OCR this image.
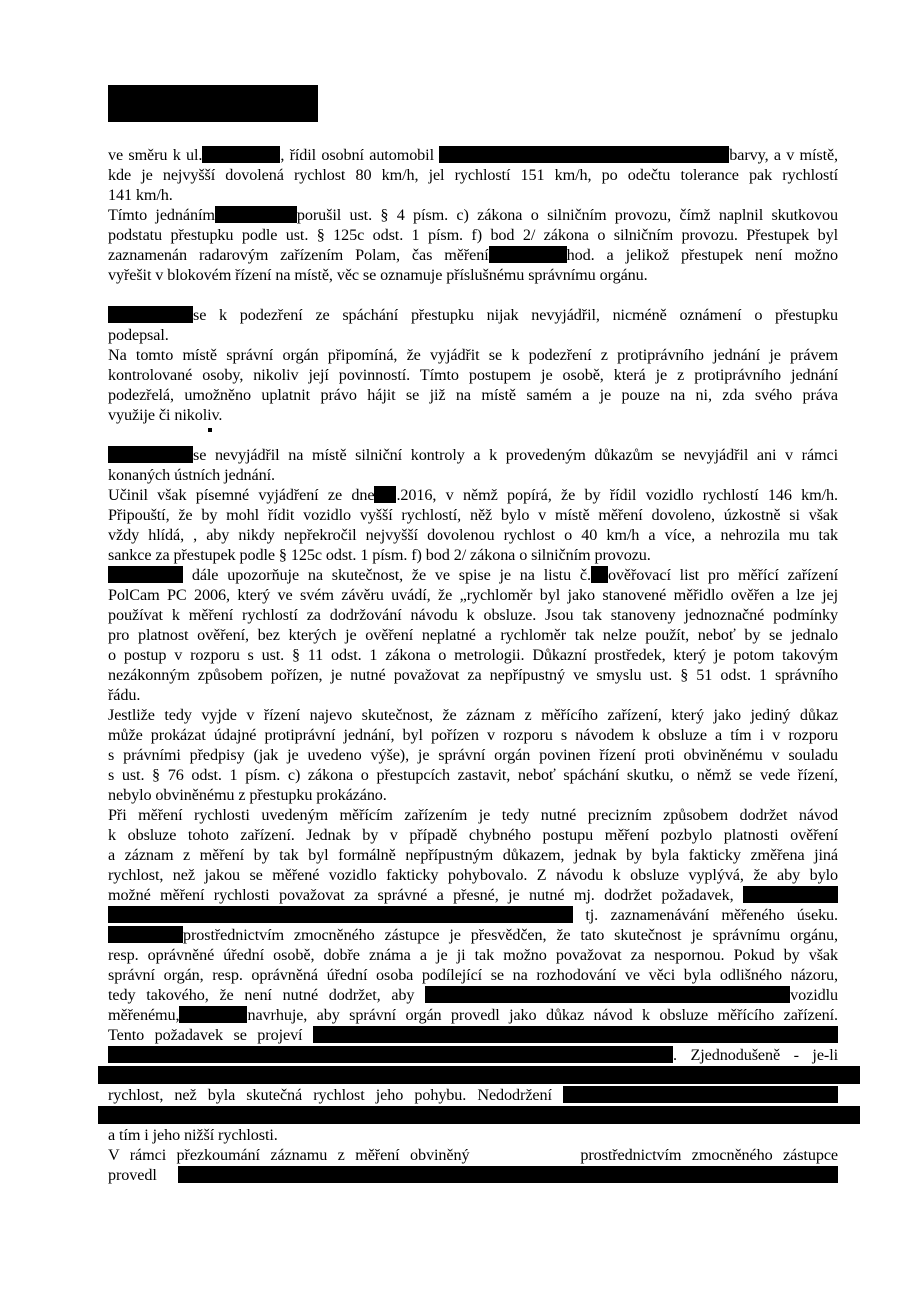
ve směru k ul.	, řídil osobní automobil	barvy, a v místě,
kde je nejvyšší dovolená rychlost 80 km/h, jel rychlostí 151 km/h, po odečtu tolerance pak rychlostí
141 km/h.
Tímto jednáním	porušil ust. § 4 písm. c) zákona o silničním provozu, čímž naplnil skutkovou
podstatu přestupku podle ust. § 125c odst. 1 písm. f) bod 2/ zákona o silničním provozu. Přestupek byl
zaznamenán radarovým zařízením Polam, čas měření	hod. a jelikož přestupek není možno
vyřešit v blokovém řízení na místě, věc se oznamuje příslušnému správnímu orgánu.
se k podezření ze spáchání přestupku nijak nevyjádřil, nicméně oznámení o přestupku
podepsal.
Na tomto místě správní orgán připomíná, že vyjádřit se k podezření z protiprávního jednání je právem
kontrolované osoby, nikoliv její povinností. Tímto postupem je osobě, která je z protiprávního jednání
podezřelá, umožněno uplatnit právo hájit se již na místě samém a je pouze na ni, zda svého práva
využije či nikoliv.
se nevyjádřil na místě silniční kontroly a k provedeným důkazům se nevyjádřil ani v rámci
konaných ústních jednání.
Učinil však písemné vyjádření ze dne .2016, v němž popírá, že by řídil vozidlo rychlostí 146 km/h.
Připouští, že by mohl řídit vozidlo vyšší rychlostí, něž bylo v místě měření dovoleno, úzkostně si však
vždy hlídá, , aby nikdy nepřekročil nejvyšší dovolenou rychlost o 40 km/h a více, a nehrozila mu tak
sankce za přestupek podle § 125c odst. 1 písm. f) bod 2/ zákona o silničním provozu.
dále upozorňuje na skutečnost, že ve spise je na listu č. ověřovací list pro měřící zařízení
PolCam PC 2006, který ve svém závěru uvádí, že „rychloměr byl jako stanovené měřidlo ověřen a lze jej
používat k měření rychlostí za dodržování návodu k obsluze. Jsou tak stanoveny jednoznačné podmínky
pro platnost ověření, bez kterých je ověření neplatné a rychloměr tak nelze použít, neboť by se jednalo
o postup v rozporu s ust. § 11 odst. 1 zákona o metrologii. Důkazní prostředek, který je potom takovým
nezákonným způsobem pořízen, je nutné považovat za nepřípustný ve smyslu ust. § 51 odst. 1 správního
řádu.
Jestliže tedy vyjde v řízení najevo skutečnost, že záznam z měřícího zařízení, který jako jediný důkaz
může prokázat údajné protiprávní jednání, byl pořízen v rozporu s návodem k obsluze a tím i v rozporu
s právními předpisy (jak je uvedeno výše), je správní orgán povinen řízení proti obviněnému v souladu
s ust. § 76 odst. 1 písm. c) zákona o přestupcích zastavit, neboť spáchání skutku, o němž se vede řízení,
nebylo obviněnému z přestupku prokázáno.
Při měření rychlosti uvedeným měřícím zařízením je tedy nutné precizním způsobem dodržet návod
k obsluze tohoto zařízení. Jednak by v případě chybného postupu měření pozbylo platnosti ověření
a záznam z měření by tak byl formálně nepřípustným důkazem, jednak by byla fakticky změřena jiná
rychlost, než jakou se měřené vozidlo fakticky pohybovalo. Z návodu k obsluze vyplývá, že aby bylo
možné měření rychlosti považovat za správné a přesné, je nutné mj. dodržet požadavek,
tj. zaznamenávání měřeného úseku.
prostřednictvím zmocněného zástupce je přesvědčen, že tato skutečnost je správnímu orgánu,
resp. oprávněné úřední osobě, dobře známa a je ji tak možno považovat za nespornou. Pokud by však
správní orgán, resp. oprávněná úřední osoba podílející se na rozhodování ve věci byla odlišného názoru,
tedy takového, že není nutné dodržet, aby	vozidlu
měřenému,	navrhuje, aby správní orgán provedl jako důkaz návod k obsluze měřícího zařízení.
Tento požadavek se projeví
. Zjednodušeně - je-li
rychlost, než byla skutečná rychlost jeho pohybu. Nedodržení
a tím i jeho nižší rychlosti.
V rámci přezkoumání záznamu z měření obviněný	prostřednictvím zmocněného zástupce
provedl
